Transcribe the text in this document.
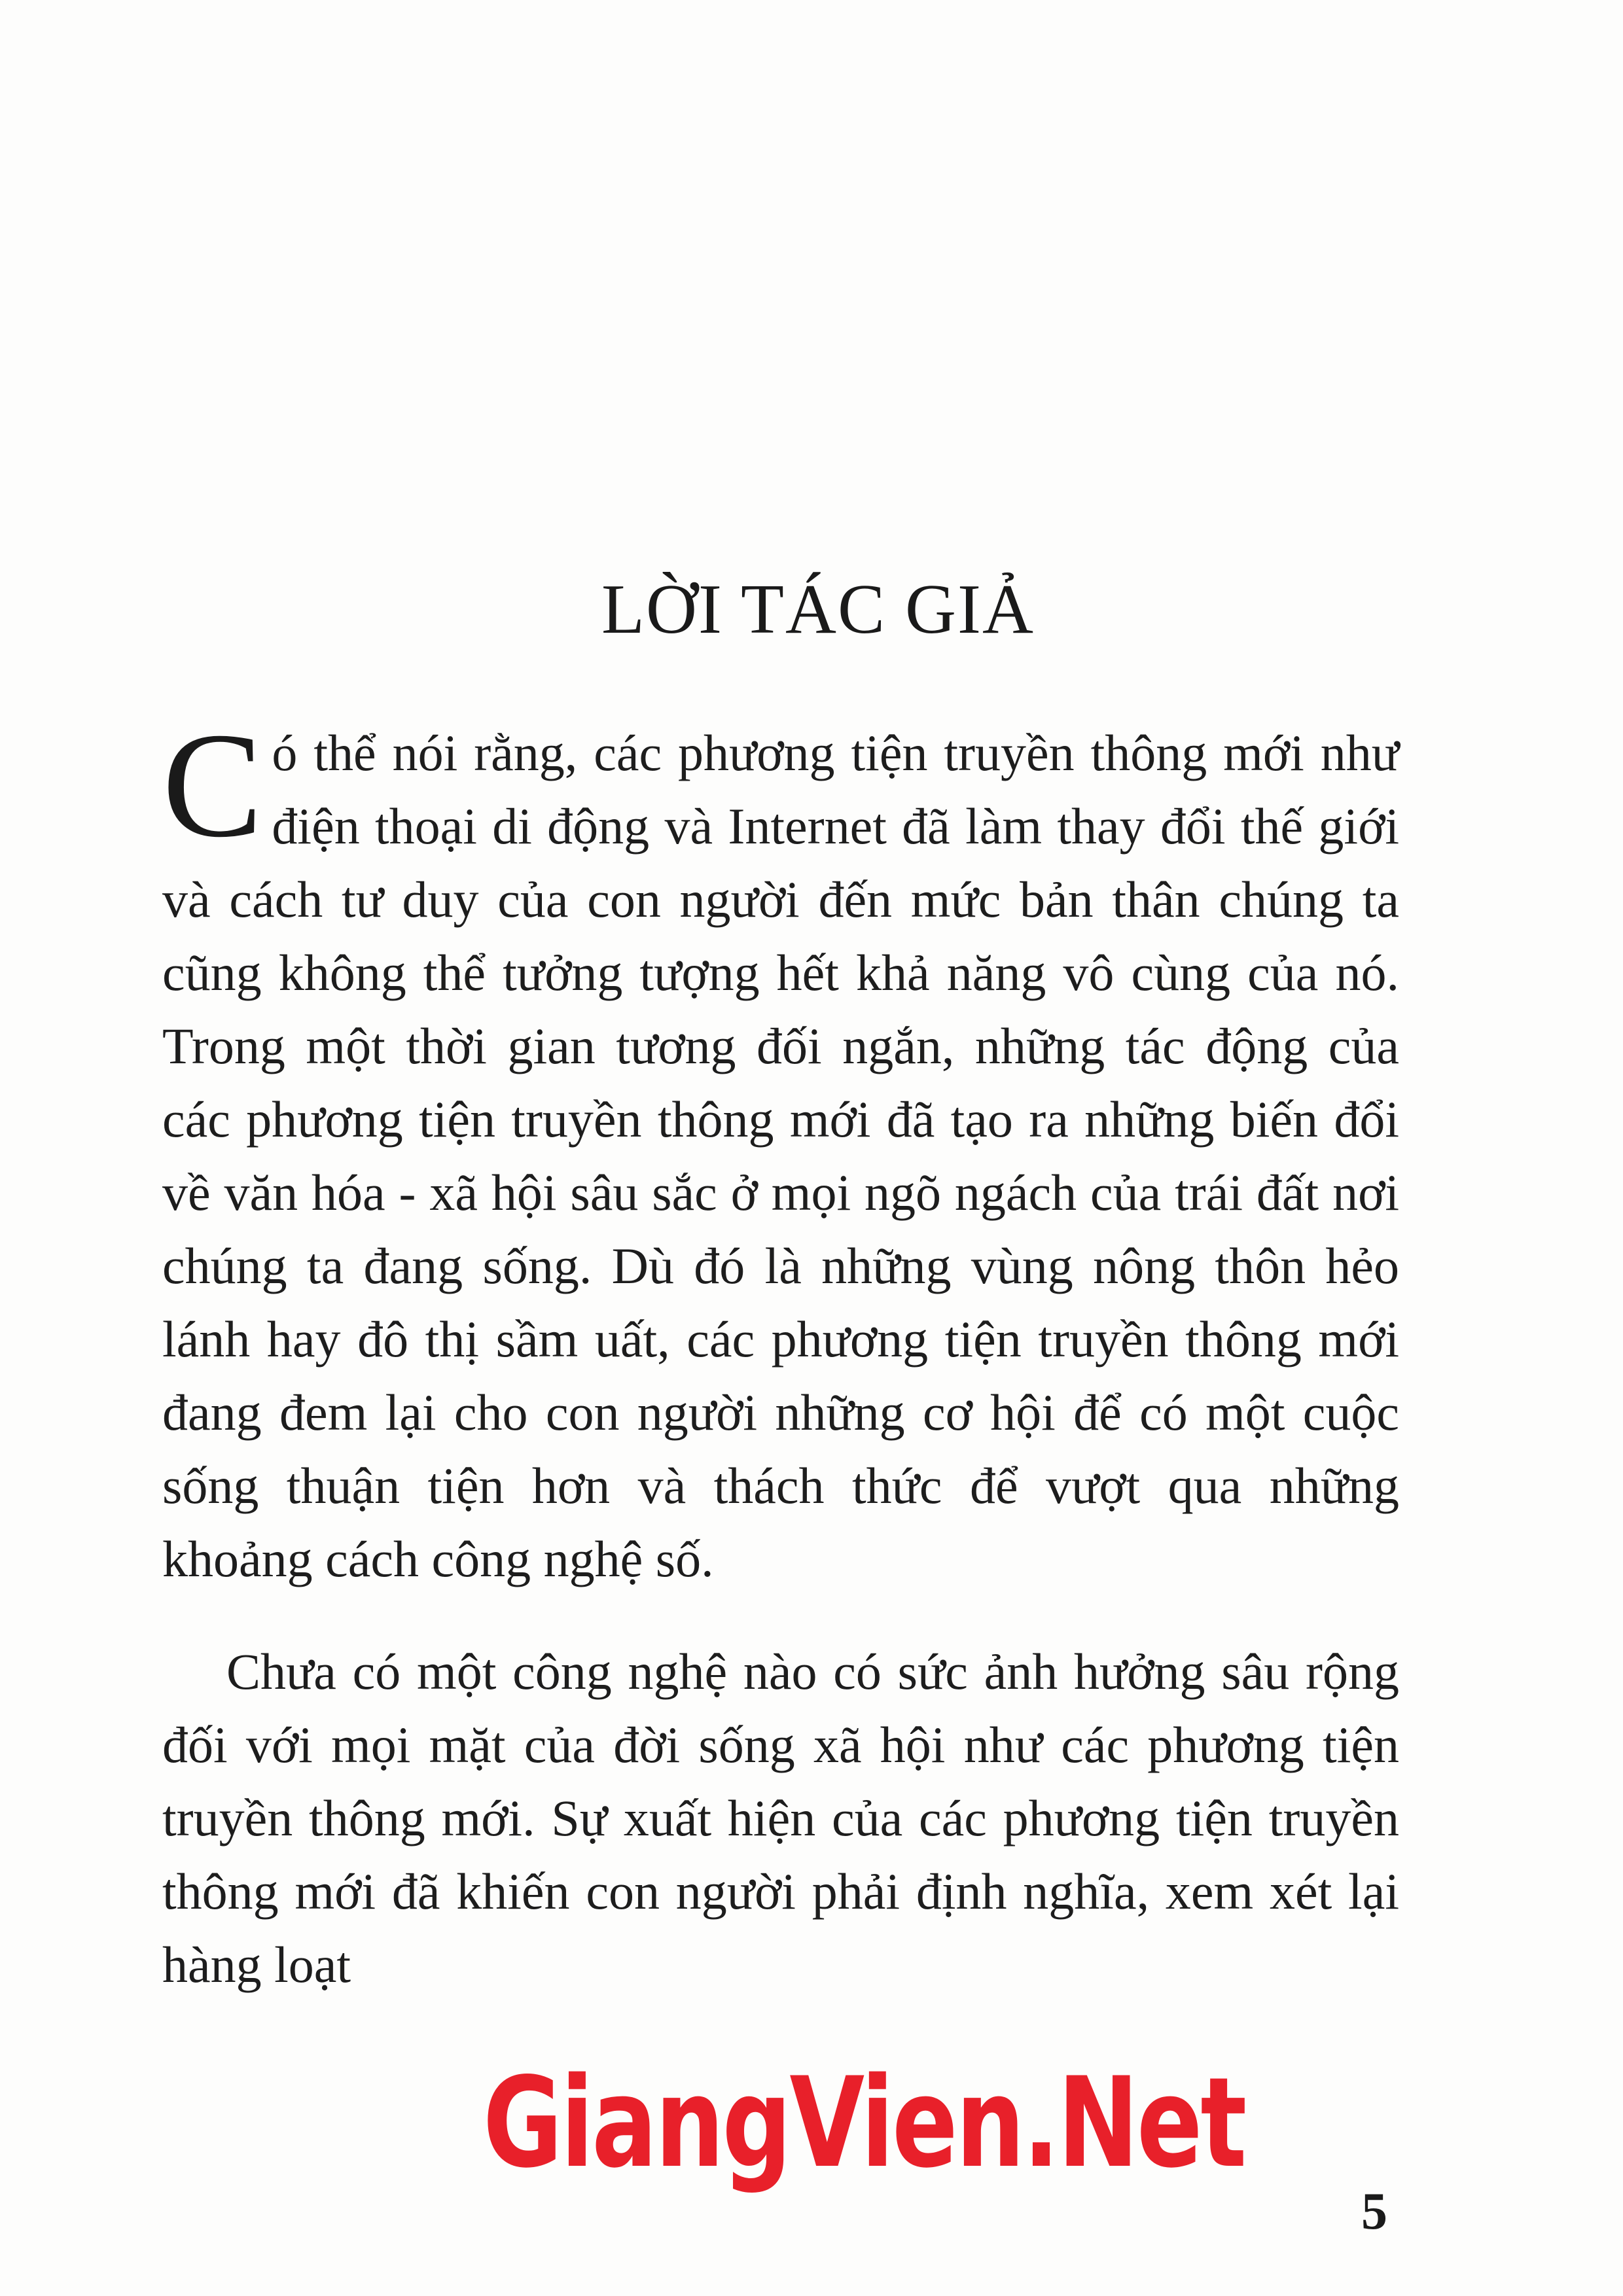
LỜI TÁC GIẢ

Có thể nói rằng, các phương tiện truyền thông mới như điện thoại di động và Internet đã làm thay đổi thế giới và cách tư duy của con người đến mức bản thân chúng ta cũng không thể tưởng tượng hết khả năng vô cùng của nó. Trong một thời gian tương đối ngắn, những tác động của các phương tiện truyền thông mới đã tạo ra những biến đổi về văn hóa - xã hội sâu sắc ở mọi ngõ ngách của trái đất nơi chúng ta đang sống. Dù đó là những vùng nông thôn hẻo lánh hay đô thị sầm uất, các phương tiện truyền thông mới đang đem lại cho con người những cơ hội để có một cuộc sống thuận tiện hơn và thách thức để vượt qua những khoảng cách công nghệ số.

Chưa có một công nghệ nào có sức ảnh hưởng sâu rộng đối với mọi mặt của đời sống xã hội như các phương tiện truyền thông mới. Sự xuất hiện của các phương tiện truyền thông mới đã khiến con người phải định nghĩa, xem xét lại hàng loạt

GiangVien.Net
5
